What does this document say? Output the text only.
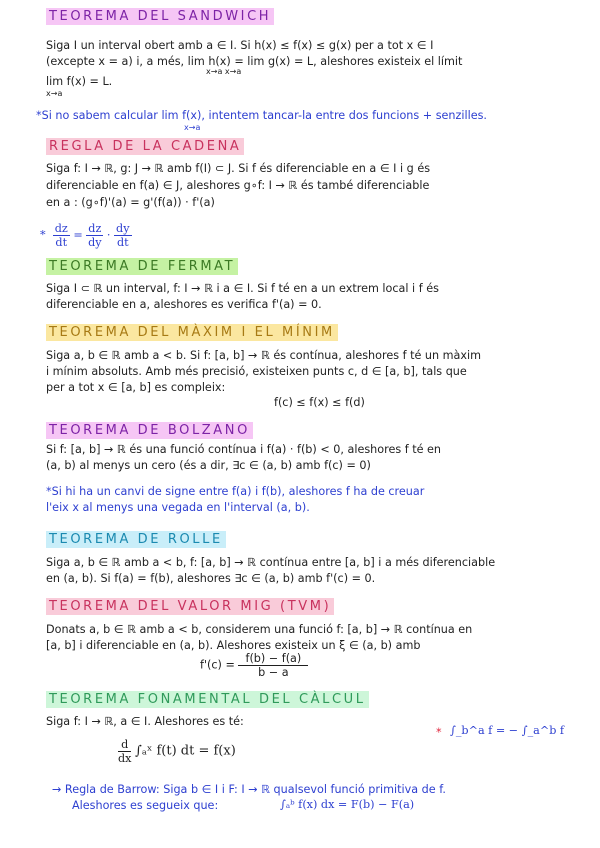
TEOREMA DEL SANDWICH
Siga I un interval obert amb a ∈ I. Si h(x) ≤ f(x) ≤ g(x) per a tot x ∈ I
(excepte x = a) i, a més, lim h(x) = lim g(x) = L, aleshores existeix el límit
x→a x→a
lim f(x) = L.
x→a
*Si no sabem calcular lim f(x), intentem tancar-la entre dos funcions + senzilles.
x→a
REGLA DE LA CADENA
Siga f: I → ℝ, g: J → ℝ amb f(I) ⊂ J. Si f és diferenciable en a ∈ I i g és
diferenciable en f(a) ∈ J, aleshores g∘f: I → ℝ és també diferenciable
en a : (g∘f)'(a) = g'(f(a)) · f'(a)
* $\frac{dz}{dt} = \frac{dz}{dy} \cdot \frac{dy}{dt}$
TEOREMA DE FERMAT
Siga I ⊂ ℝ un interval, f: I → ℝ i a ∈ I. Si f té en a un extrem local i f és
diferenciable en a, aleshores es verifica f'(a) = 0.
TEOREMA DEL MÀXIM I EL MÍNIM
Siga a, b ∈ ℝ amb a < b. Si f: [a, b] → ℝ és contínua, aleshores f té un màxim
i mínim absoluts. Amb més precisió, existeixen punts c, d ∈ [a, b], tals que
per a tot x ∈ [a, b] es compleix:
f(c) ≤ f(x) ≤ f(d)
TEOREMA DE BOLZANO
Si f: [a, b] → ℝ és una funció contínua i f(a) · f(b) < 0, aleshores f té en
(a, b) al menys un cero (és a dir, ∃c ∈ (a, b) amb f(c) = 0)
*Si hi ha un canvi de signe entre f(a) i f(b), aleshores f ha de creuar
l'eix x al menys una vegada en l'interval (a, b).
TEOREMA DE ROLLE
Siga a, b ∈ ℝ amb a < b, f: [a, b] → ℝ contínua entre [a, b] i a més diferenciable
en (a, b). Si f(a) = f(b), aleshores ∃c ∈ (a, b) amb f'(c) = 0.
TEOREMA DEL VALOR MIG (TVM)
Donats a, b ∈ ℝ amb a < b, considerem una funció f: [a, b] → ℝ contínua en
[a, b] i diferenciable en (a, b). Aleshores existeix un ξ ∈ (a, b) amb
$f'(c) = \frac{f(b) - f(a)}{b - a}$
TEOREMA FONAMENTAL DEL CÀLCUL
Siga f: I → ℝ, a ∈ I. Aleshores es té:
$\frac{d}{dx}$ ∫ₐˣ f(t) dt = f(x)
* ∫_b^a f = − ∫_a^b f
→ Regla de Barrow: Siga b ∈ I i F: I → ℝ qualsevol funció primitiva de f.
Aleshores es segueix que:	∫ₐᵇ f(x) dx = F(b) − F(a)
